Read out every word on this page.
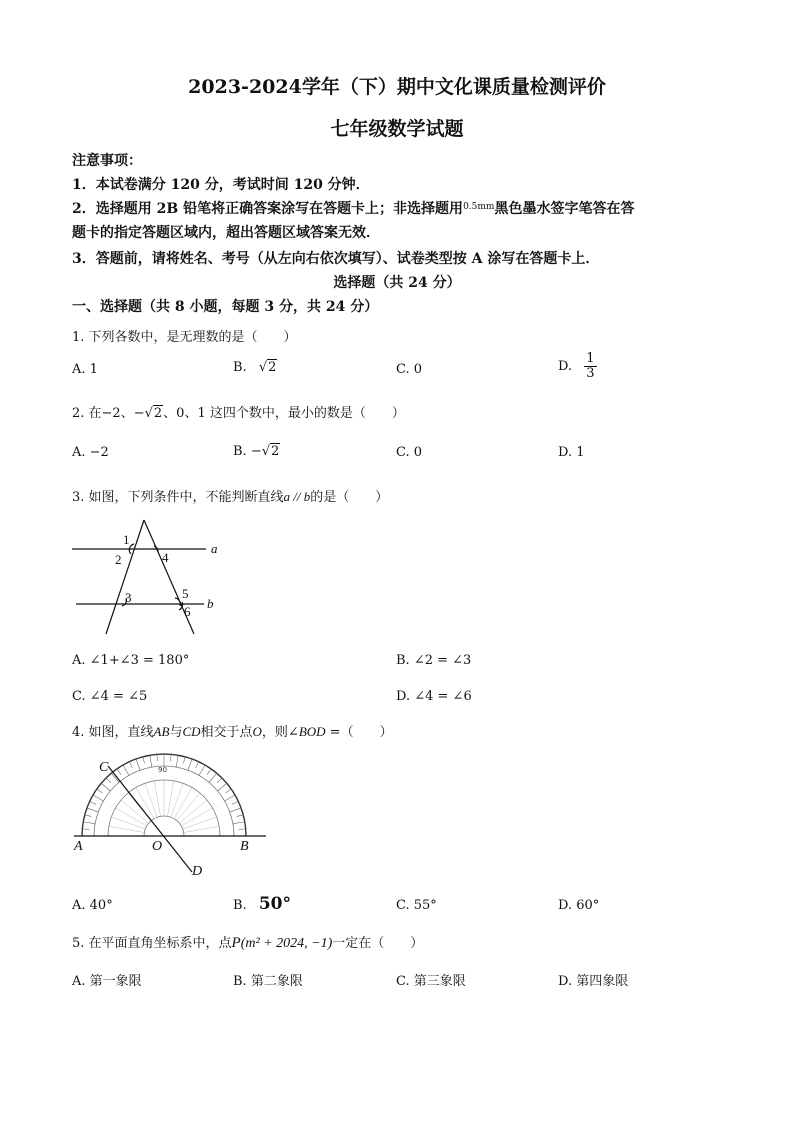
2023-2024学年（下）期中文化课质量检测评价
七年级数学试题
注意事项：
1．本试卷满分 120 分，考试时间 120 分钟．
2．选择题用 2B 铅笔将正确答案涂写在答题卡上；非选择题用$^{0.5mm}$黑色墨水签字笔答在答
题卡的指定答题区域内，超出答题区域答案无效．
3．答题前，请将姓名、考号（从左向右依次填写）、试卷类型按 A 涂写在答题卡上．
选择题（共 24 分）
一、选择题（共 8 小题，每题 3 分，共 24 分）
1. 下列各数中，是无理数的是（　　）
A. 1	B. √2	C. 0	D. $\frac{1}{3}$
2. 在−2、−√2、0、1 这四个数中，最小的数是（　　）
A. −2	B. −√2	C. 0	D. 1
3. 如图，下列条件中，不能判断直线a // b的是（　　）
1
2
3
4
5
6
a
b
A. ∠1+∠3 = 180°	B. ∠2 = ∠3
C. ∠4 = ∠5	D. ∠4 = ∠6
4. 如图，直线AB与CD相交于点O，则∠BOD =（　　）
A	B
C
D
O
90
A. 40°	B. 50°	C. 55°	D. 60°
5. 在平面直角坐标系中，点P(m² + 2024, −1)一定在（　　）
A. 第一象限	B. 第二象限	C. 第三象限	D. 第四象限
